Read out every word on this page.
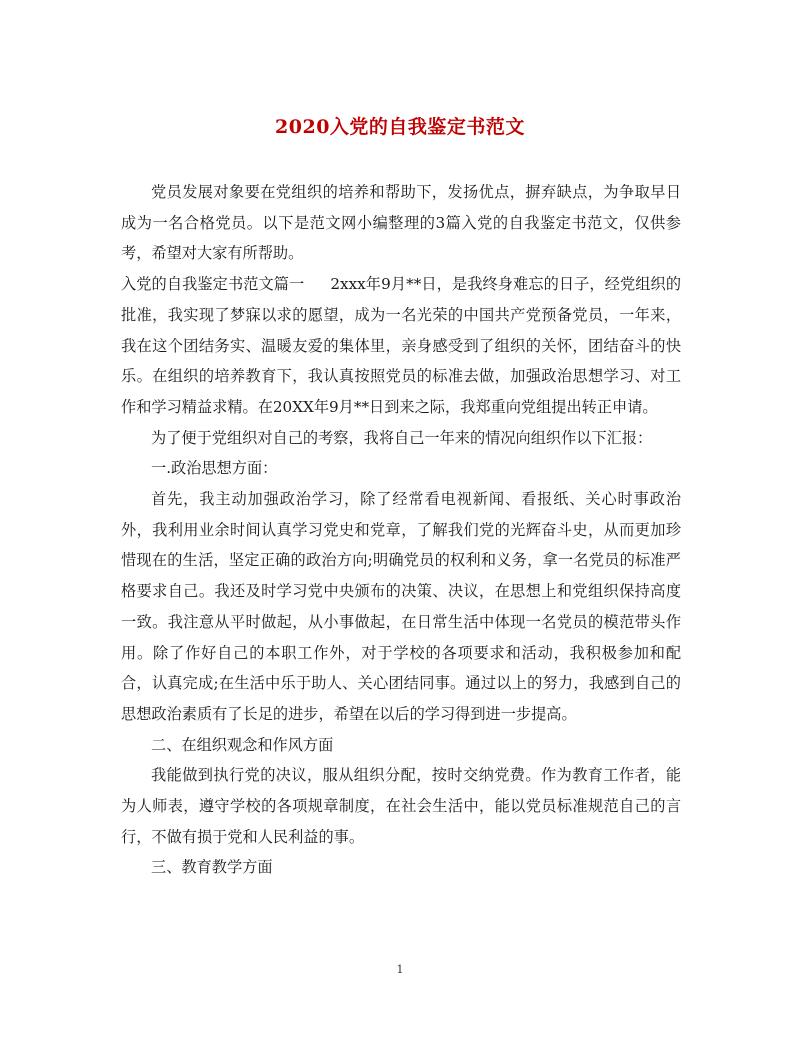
2020入党的自我鉴定书范文

党员发展对象要在党组织的培养和帮助下，发扬优点，摒弃缺点，为争取早日成为一名合格党员。以下是范文网小编整理的3篇入党的自我鉴定书范文，仅供参考，希望对大家有所帮助。

入党的自我鉴定书范文篇一 2xxx年9月**日，是我终身难忘的日子，经党组织的批准，我实现了梦寐以求的愿望，成为一名光荣的中国共产党预备党员，一年来，我在这个团结务实、温暖友爱的集体里，亲身感受到了组织的关怀，团结奋斗的快乐。在组织的培养教育下，我认真按照党员的标准去做，加强政治思想学习、对工作和学习精益求精。在20XX年9月**日到来之际，我郑重向党组提出转正申请。

为了便于党组织对自己的考察，我将自己一年来的情况向组织作以下汇报：

一.政治思想方面：

首先，我主动加强政治学习，除了经常看电视新闻、看报纸、关心时事政治外，我利用业余时间认真学习党史和党章，了解我们党的光辉奋斗史，从而更加珍惜现在的生活，坚定正确的政治方向;明确党员的权利和义务，拿一名党员的标准严格要求自己。我还及时学习党中央颁布的决策、决议，在思想上和党组织保持高度一致。我注意从平时做起，从小事做起，在日常生活中体现一名党员的模范带头作用。除了作好自己的本职工作外，对于学校的各项要求和活动，我积极参加和配合，认真完成;在生活中乐于助人、关心团结同事。通过以上的努力，我感到自己的思想政治素质有了长足的进步，希望在以后的学习得到进一步提高。

二、在组织观念和作风方面

我能做到执行党的决议，服从组织分配，按时交纳党费。作为教育工作者，能为人师表，遵守学校的各项规章制度，在社会生活中，能以党员标准规范自己的言行，不做有损于党和人民利益的事。

三、教育教学方面

1
